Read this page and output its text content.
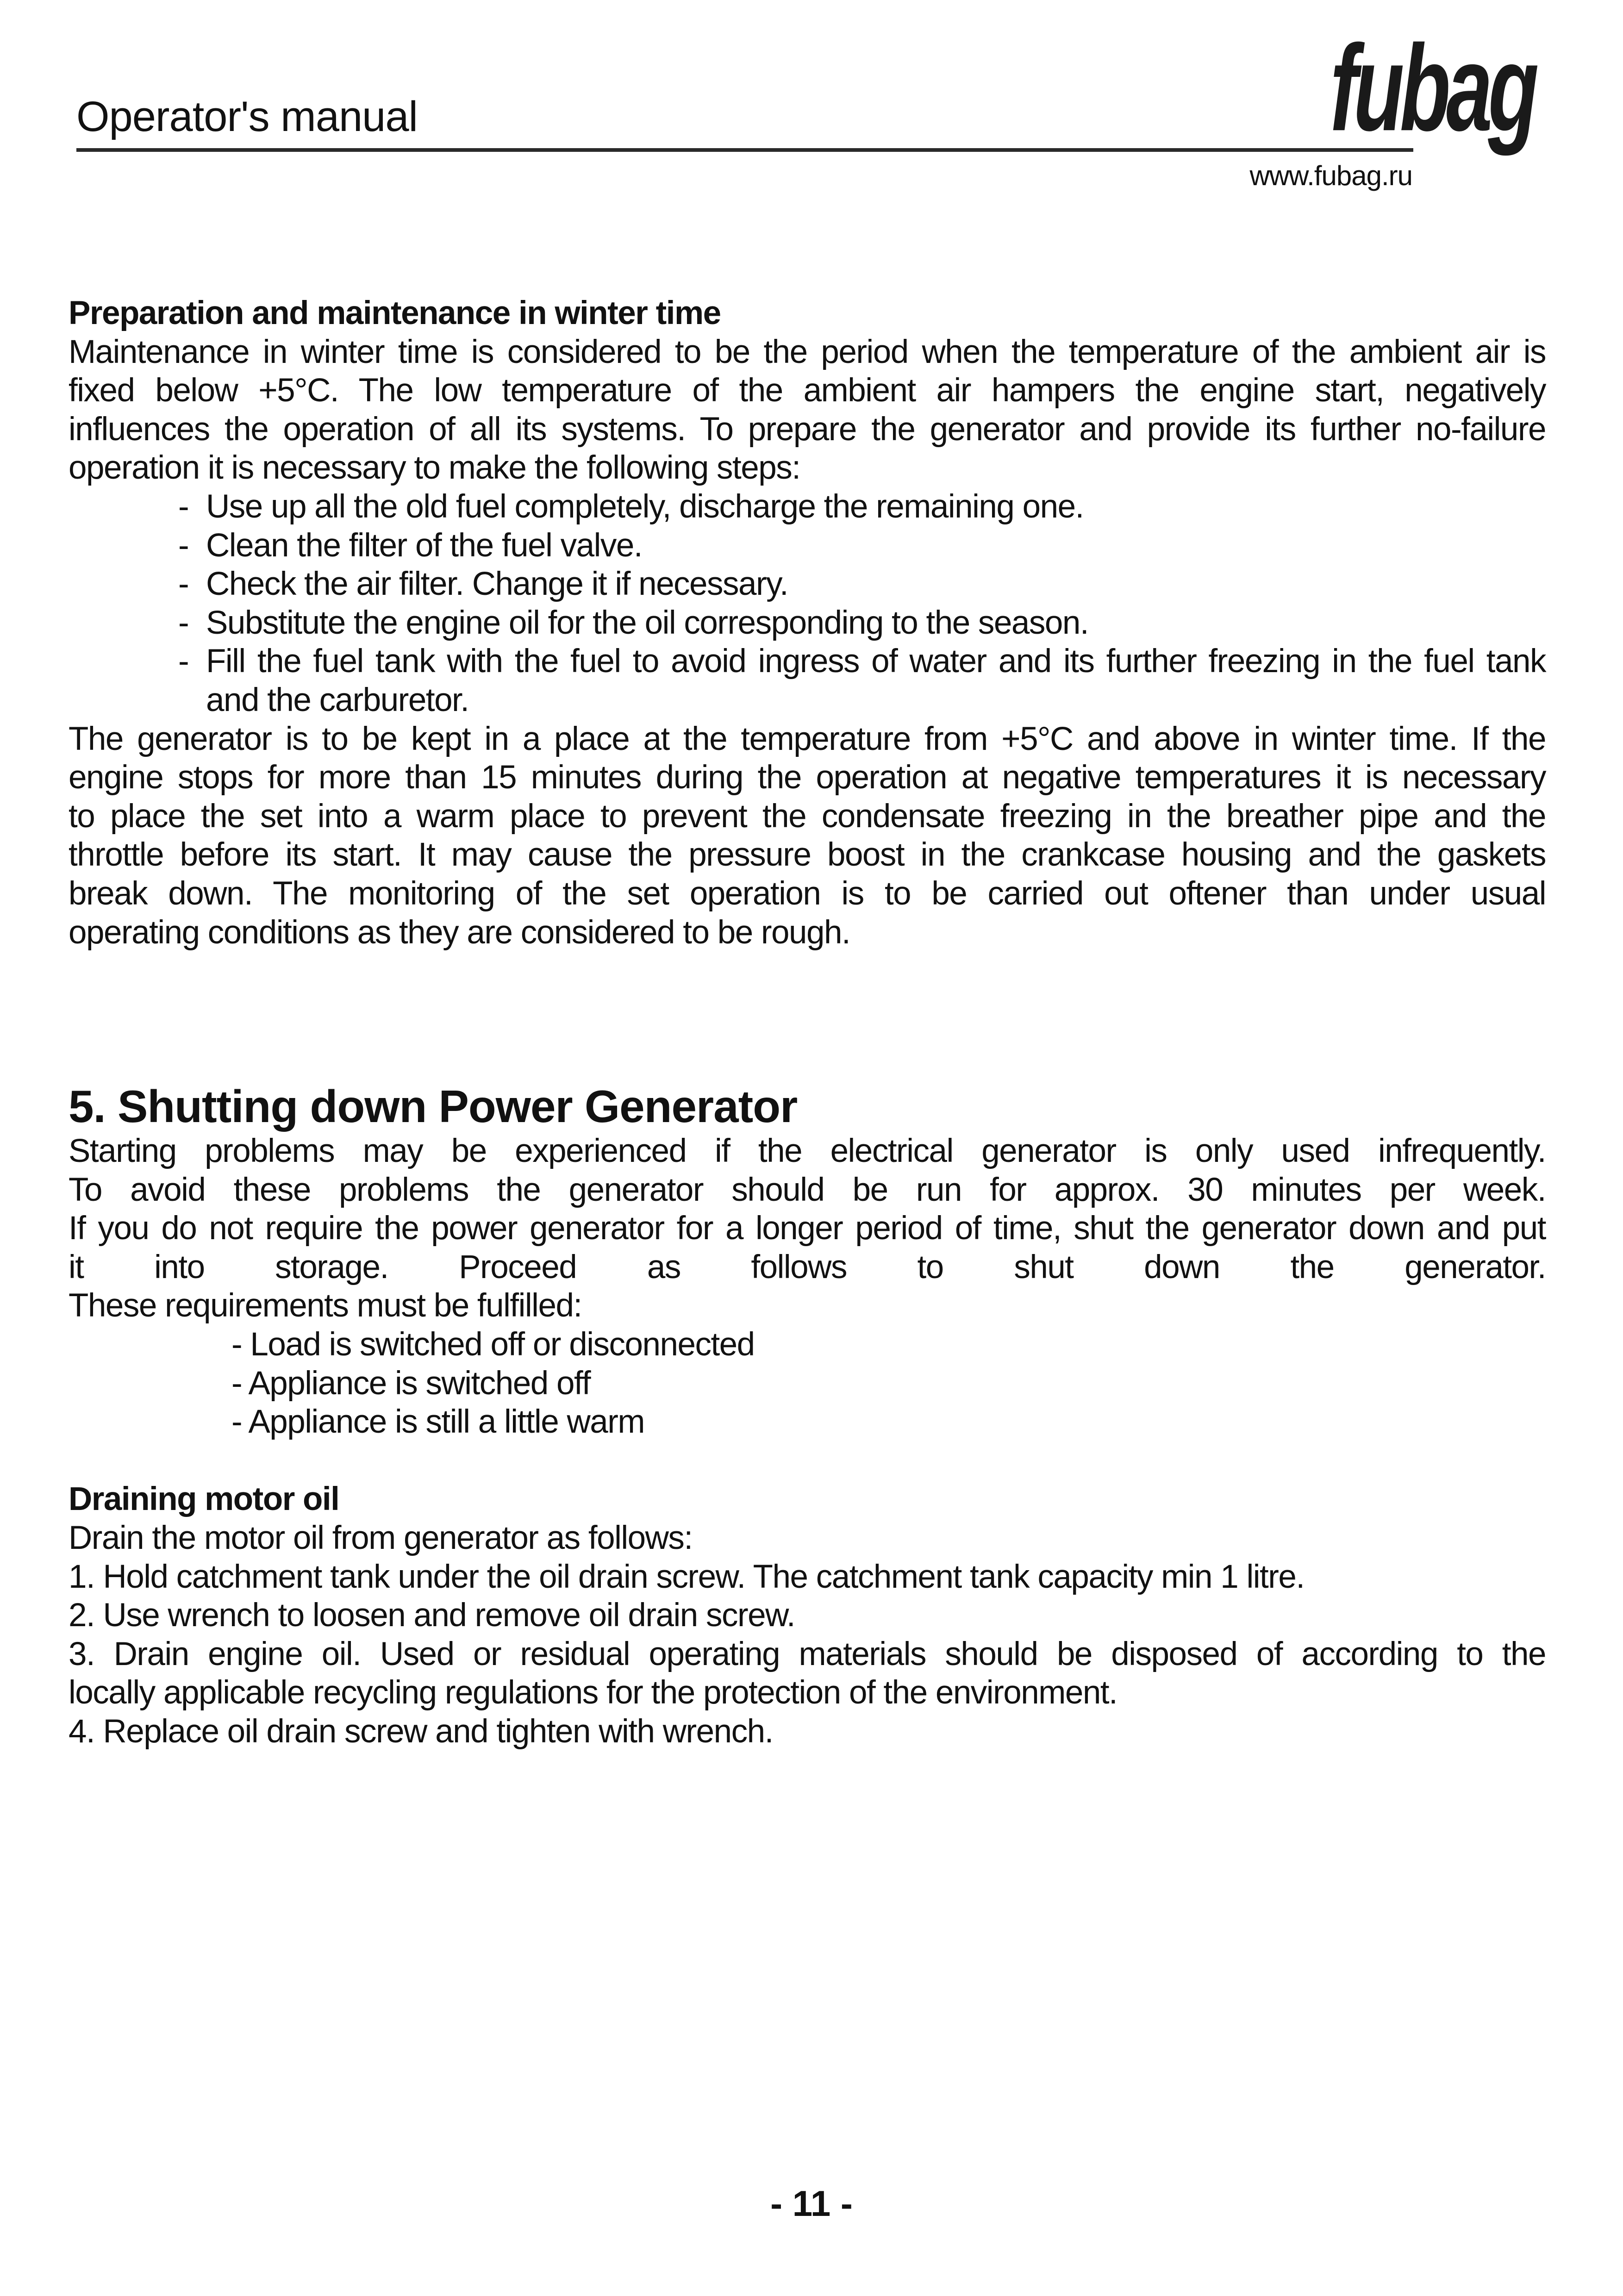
Operator's manual
www.fubag.ru
fubag
Preparation and maintenance in winter time
Maintenance in winter time is considered to be the period when the temperature of the ambient air is
fixed below +5°C. The low temperature of the ambient air hampers the engine start, negatively
influences the operation of all its systems. To prepare the generator and provide its further no-failure
operation it is necessary to make the following steps:
- Use up all the old fuel completely, discharge the remaining one.
- Clean the filter of the fuel valve.
- Check the air filter. Change it if necessary.
- Substitute the engine oil for the oil corresponding to the season.
- Fill the fuel tank with the fuel to avoid ingress of water and its further freezing in the fuel tank
and the carburetor.
The generator is to be kept in a place at the temperature from +5°C and above in winter time. If the
engine stops for more than 15 minutes during the operation at negative temperatures it is necessary
to place the set into a warm place to prevent the condensate freezing in the breather pipe and the
throttle before its start. It may cause the pressure boost in the crankcase housing and the gaskets
break down. The monitoring of the set operation is to be carried out oftener than under usual
operating conditions as they are considered to be rough.
5. Shutting down Power Generator
Starting problems may be experienced if the electrical generator is only used infrequently.
To avoid these problems the generator should be run for approx. 30 minutes per week.
If you do not require the power generator for a longer period of time, shut the generator down and put
it into storage. Proceed as follows to shut down the generator.
These requirements must be fulfilled:
- Load is switched off or disconnected
- Appliance is switched off
- Appliance is still a little warm
Draining motor oil
Drain the motor oil from generator as follows:
1. Hold catchment tank under the oil drain screw. The catchment tank capacity min 1 litre.
2. Use wrench to loosen and remove oil drain screw.
3. Drain engine oil. Used or residual operating materials should be disposed of according to the
locally applicable recycling regulations for the protection of the environment.
4. Replace oil drain screw and tighten with wrench.
- 11 -
